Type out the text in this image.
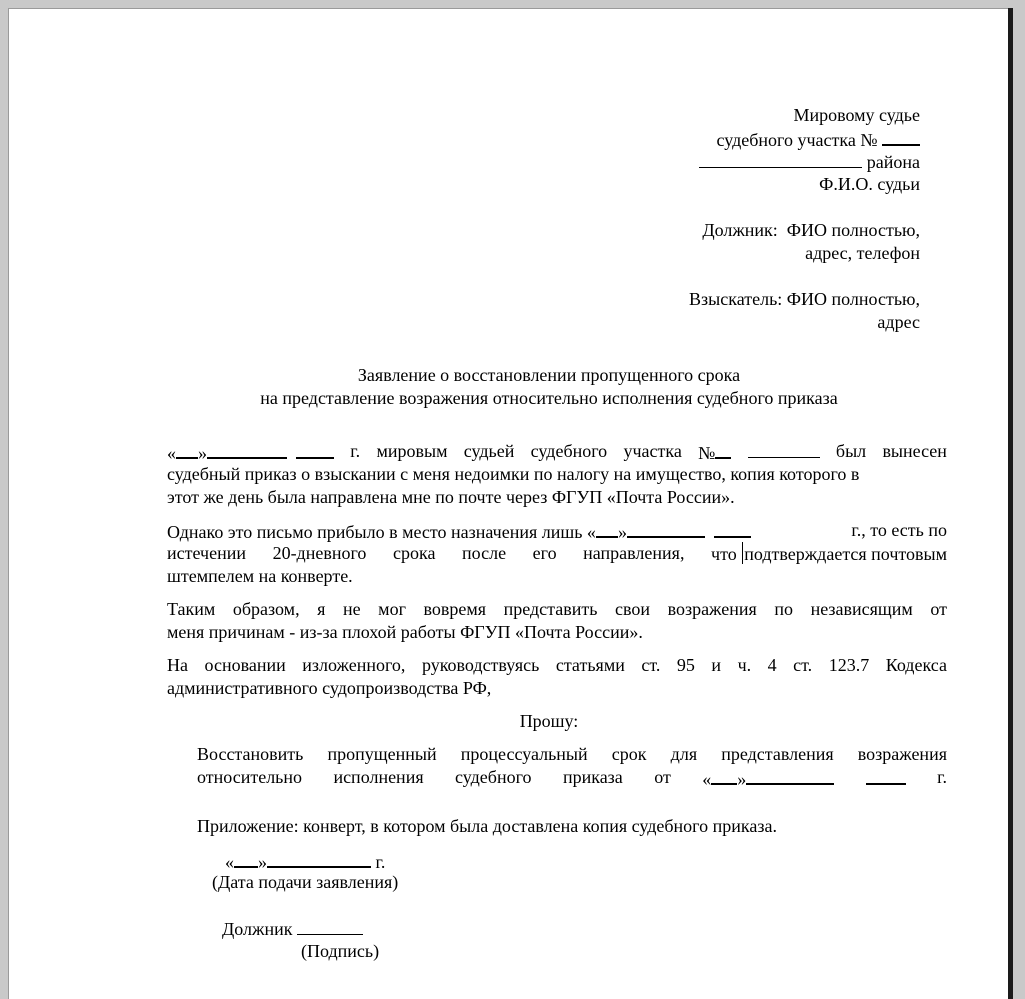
Мировому судье
судебного участка №
района
Ф.И.О. судьи
Должник: ФИО полностью,
адрес, телефон
Взыскатель: ФИО полностью,
адрес
Заявление о восстановлении пропущенного срока
на представление возражения относительно исполнения судебного приказа
« »	г. мировым судьей судебного участка №	был вынесен
судебный приказ о взыскании с меня недоимки по налогу на имущество, копия которого в
этот же день была направлена мне по почте через ФГУП «Почта России».
Однако это письмо прибыло в место назначения лишь « »	г., то есть по
истечении 20-дневного срока после его направления, что подтверждается почтовым
штемпелем на конверте.
Таким образом, я не мог вовремя представить свои возражения по независящим от
меня причинам - из-за плохой работы ФГУП «Почта России».
На основании изложенного, руководствуясь статьями ст. 95 и ч. 4 ст. 123.7 Кодекса
административного судопроизводства РФ,
Прошу:
Восстановить пропущенный процессуальный срок для представления возражения
относительно исполнения судебного приказа от « »	г.
Приложение: конверт, в котором была доставлена копия судебного приказа.
« »	г.
(Дата подачи заявления)
Должник
(Подпись)
